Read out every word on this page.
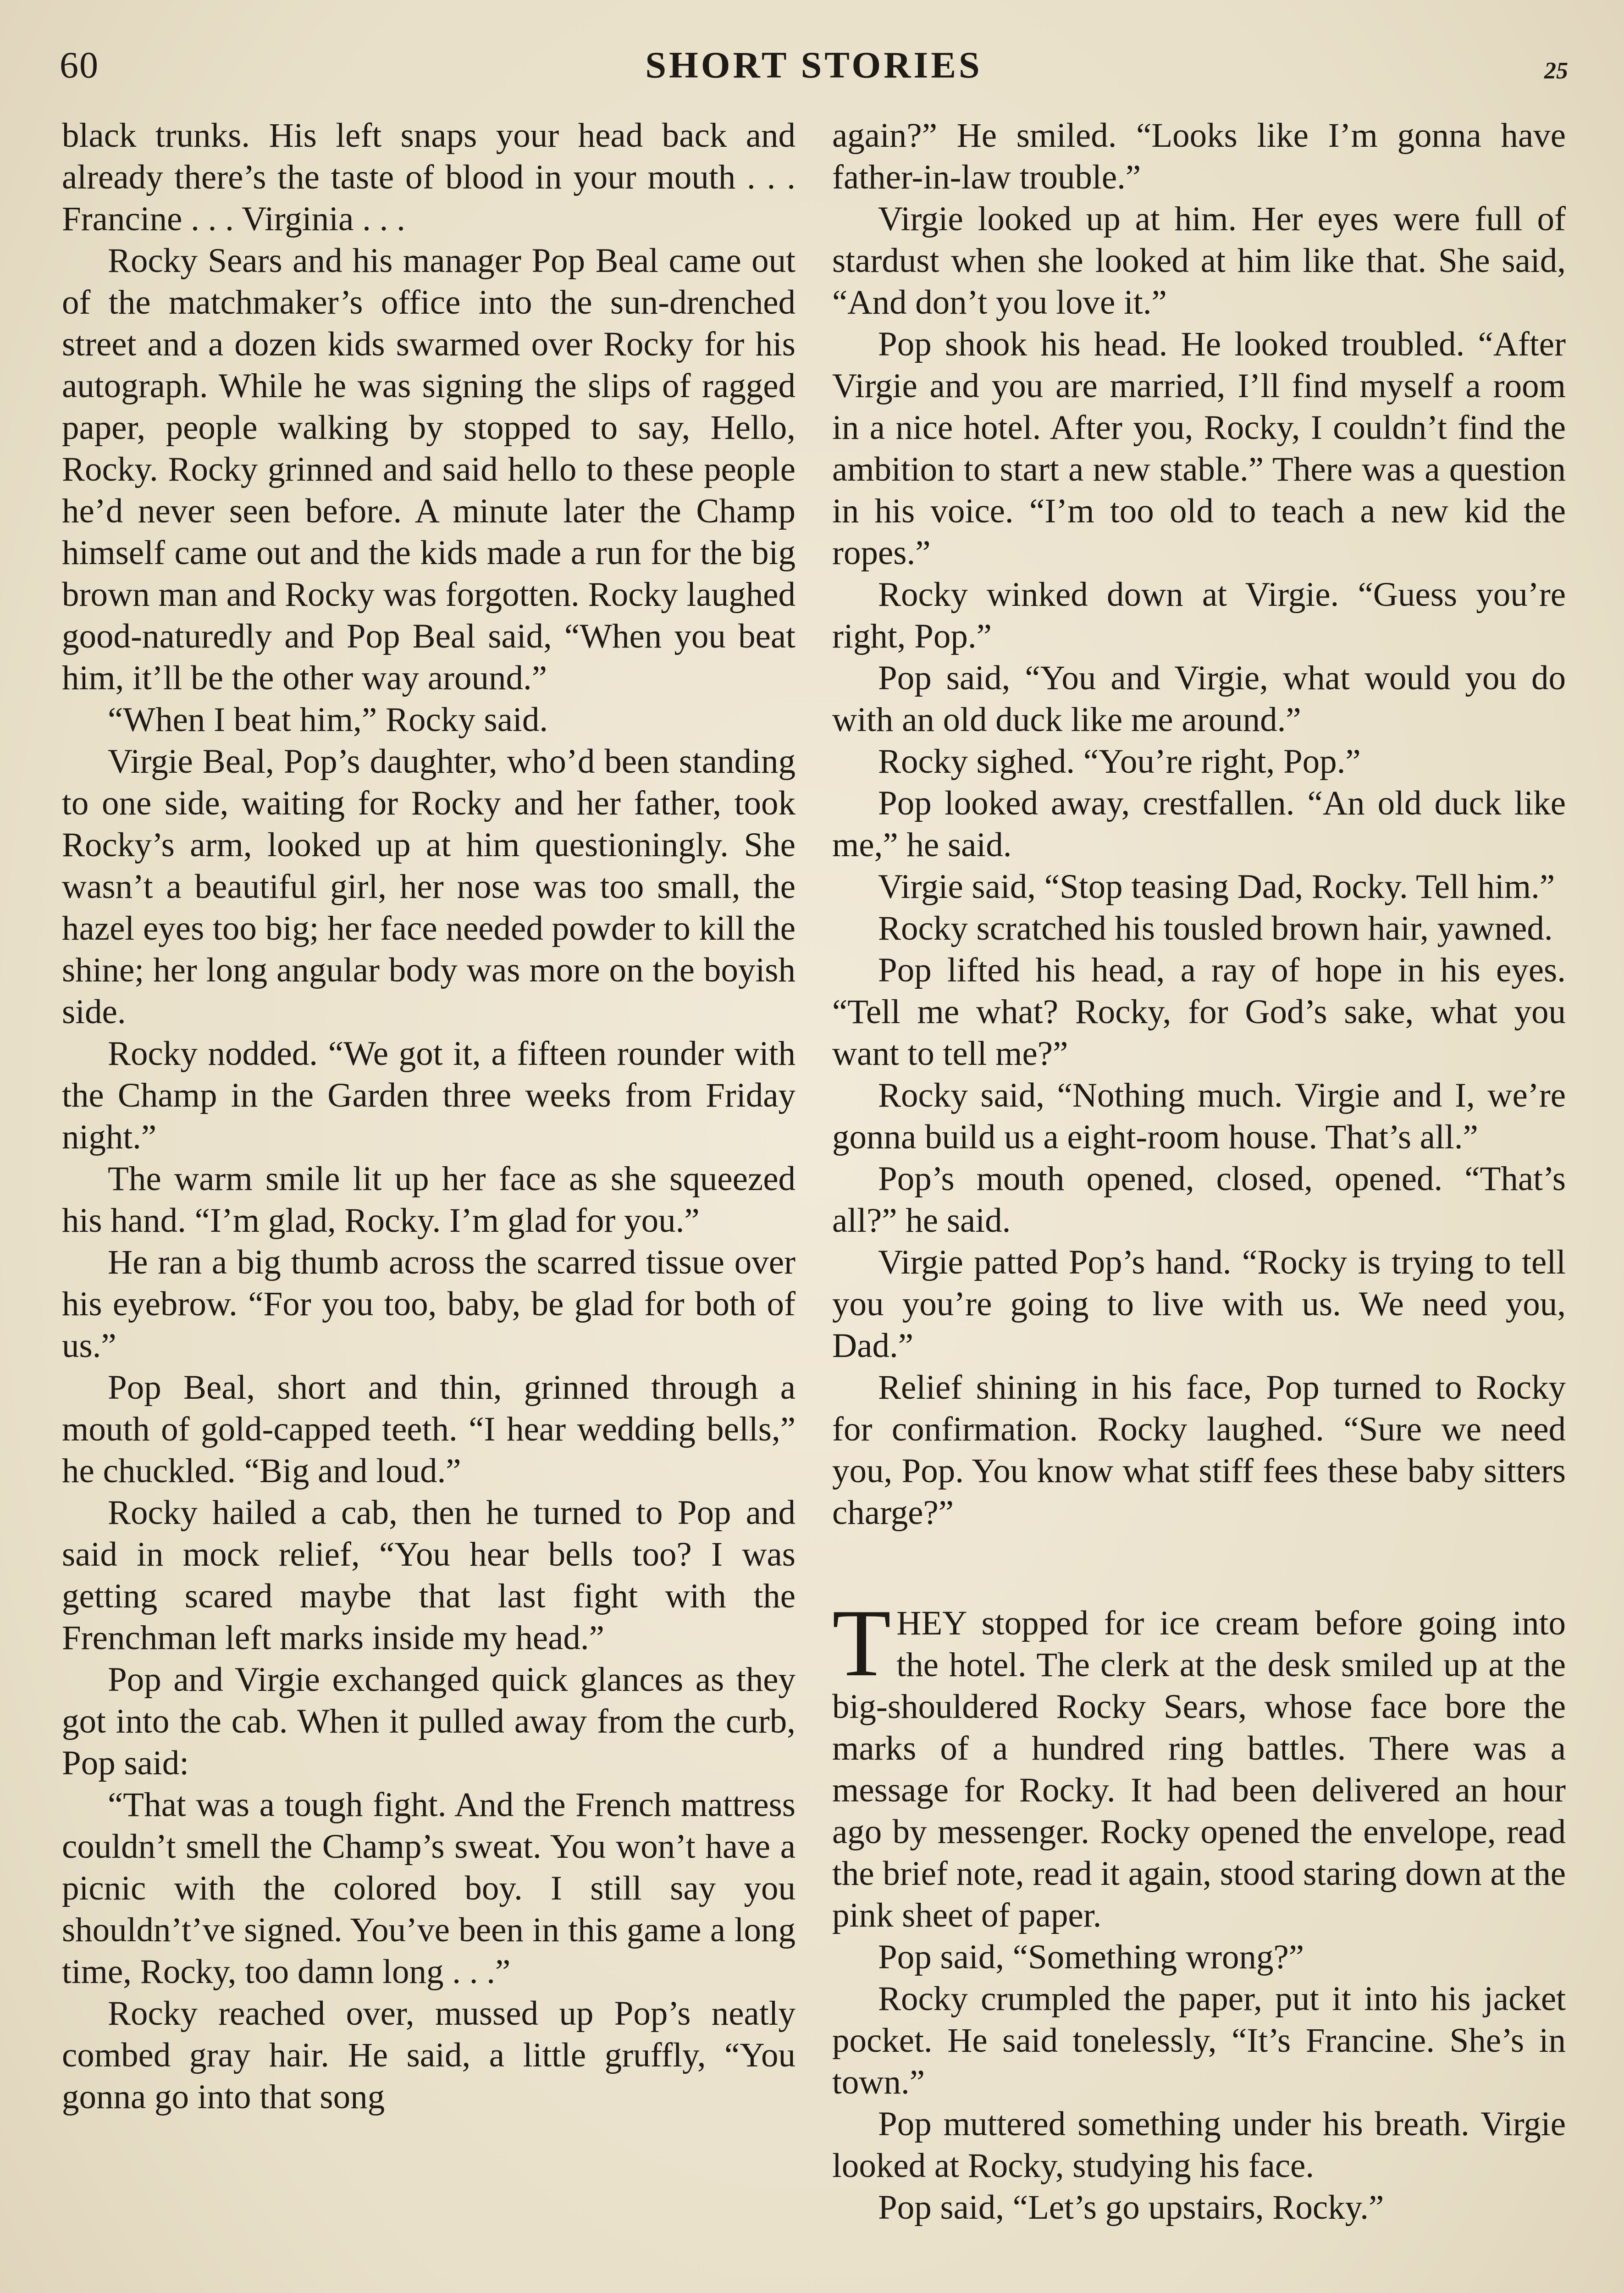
60	SHORT STORIES	25

black trunks. His left snaps your head back and already there’s the taste of blood in your mouth . . . Francine . . . Virginia . . .

Rocky Sears and his manager Pop Beal came out of the matchmaker’s office into the sun-drenched street and a dozen kids swarmed over Rocky for his autograph. While he was signing the slips of ragged paper, people walking by stopped to say, Hello, Rocky. Rocky grinned and said hello to these people he’d never seen before. A minute later the Champ himself came out and the kids made a run for the big brown man and Rocky was forgotten. Rocky laughed good-naturedly and Pop Beal said, “When you beat him, it’ll be the other way around.”

“When I beat him,” Rocky said.

Virgie Beal, Pop’s daughter, who’d been standing to one side, waiting for Rocky and her father, took Rocky’s arm, looked up at him questioningly. She wasn’t a beautiful girl, her nose was too small, the hazel eyes too big; her face needed powder to kill the shine; her long angular body was more on the boyish side.

Rocky nodded. “We got it, a fifteen rounder with the Champ in the Garden three weeks from Friday night.”

The warm smile lit up her face as she squeezed his hand. “I’m glad, Rocky. I’m glad for you.”

He ran a big thumb across the scarred tissue over his eyebrow. “For you too, baby, be glad for both of us.”

Pop Beal, short and thin, grinned through a mouth of gold-capped teeth. “I hear wedding bells,” he chuckled. “Big and loud.”

Rocky hailed a cab, then he turned to Pop and said in mock relief, “You hear bells too? I was getting scared maybe that last fight with the Frenchman left marks inside my head.”

Pop and Virgie exchanged quick glances as they got into the cab. When it pulled away from the curb, Pop said:

“That was a tough fight. And the French mattress couldn’t smell the Champ’s sweat. You won’t have a picnic with the colored boy. I still say you shouldn’t’ve signed. You’ve been in this game a long time, Rocky, too damn long . . .”

Rocky reached over, mussed up Pop’s neatly combed gray hair. He said, a little gruffly, “You gonna go into that song

again?” He smiled. “Looks like I’m gonna have father-in-law trouble.”

Virgie looked up at him. Her eyes were full of stardust when she looked at him like that. She said, “And don’t you love it.”

Pop shook his head. He looked troubled. “After Virgie and you are married, I’ll find myself a room in a nice hotel. After you, Rocky, I couldn’t find the ambition to start a new stable.” There was a question in his voice. “I’m too old to teach a new kid the ropes.”

Rocky winked down at Virgie. “Guess you’re right, Pop.”

Pop said, “You and Virgie, what would you do with an old duck like me around.”

Rocky sighed. “You’re right, Pop.”

Pop looked away, crestfallen. “An old duck like me,” he said.

Virgie said, “Stop teasing Dad, Rocky. Tell him.”

Rocky scratched his tousled brown hair, yawned.

Pop lifted his head, a ray of hope in his eyes. “Tell me what? Rocky, for God’s sake, what you want to tell me?”

Rocky said, “Nothing much. Virgie and I, we’re gonna build us a eight-room house. That’s all.”

Pop’s mouth opened, closed, opened. “That’s all?” he said.

Virgie patted Pop’s hand. “Rocky is trying to tell you you’re going to live with us. We need you, Dad.”

Relief shining in his face, Pop turned to Rocky for confirmation. Rocky laughed. “Sure we need you, Pop. You know what stiff fees these baby sitters charge?”

THEY stopped for ice cream before going into the hotel. The clerk at the desk smiled up at the big-shouldered Rocky Sears, whose face bore the marks of a hundred ring battles. There was a message for Rocky. It had been delivered an hour ago by messenger. Rocky opened the envelope, read the brief note, read it again, stood staring down at the pink sheet of paper.

Pop said, “Something wrong?”

Rocky crumpled the paper, put it into his jacket pocket. He said tonelessly, “It’s Francine. She’s in town.”

Pop muttered something under his breath. Virgie looked at Rocky, studying his face.

Pop said, “Let’s go upstairs, Rocky.”
